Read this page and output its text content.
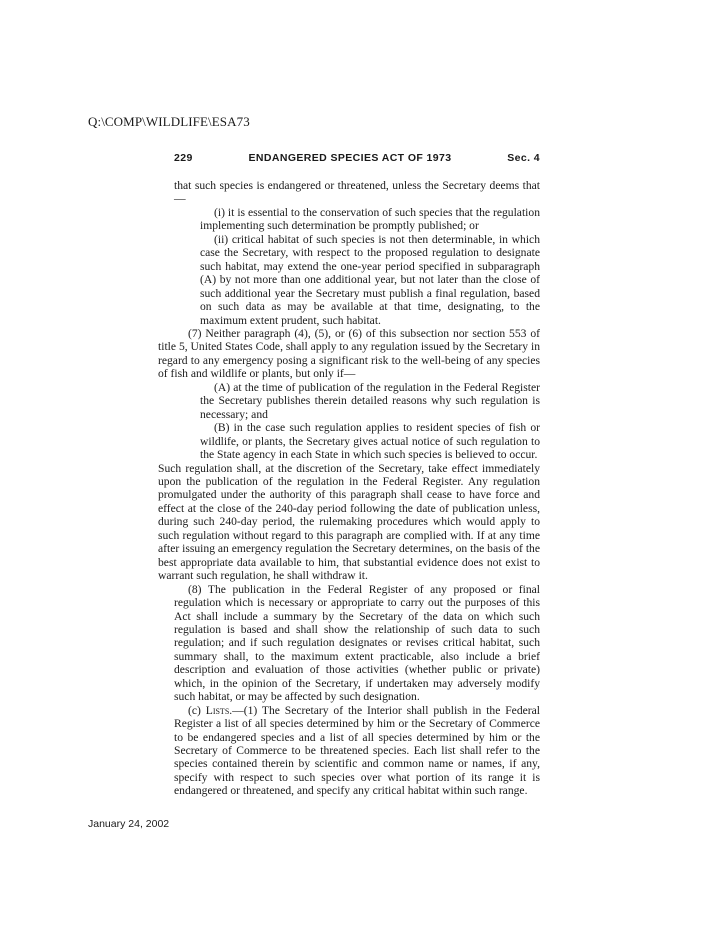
Q:\COMP\WILDLIFE\ESA73
229	ENDANGERED SPECIES ACT OF 1973	Sec. 4

that such species is endangered or threatened, unless the Secretary deems that—

(i) it is essential to the conservation of such species that the regulation implementing such determination be promptly published; or

(ii) critical habitat of such species is not then determinable, in which case the Secretary, with respect to the proposed regulation to designate such habitat, may extend the one-year period specified in subparagraph (A) by not more than one additional year, but not later than the close of such additional year the Secretary must publish a final regulation, based on such data as may be available at that time, designating, to the maximum extent prudent, such habitat.

(7) Neither paragraph (4), (5), or (6) of this subsection nor section 553 of title 5, United States Code, shall apply to any regulation issued by the Secretary in regard to any emergency posing a significant risk to the well-being of any species of fish and wildlife or plants, but only if—

(A) at the time of publication of the regulation in the Federal Register the Secretary publishes therein detailed reasons why such regulation is necessary; and

(B) in the case such regulation applies to resident species of fish or wildlife, or plants, the Secretary gives actual notice of such regulation to the State agency in each State in which such species is believed to occur.

Such regulation shall, at the discretion of the Secretary, take effect immediately upon the publication of the regulation in the Federal Register. Any regulation promulgated under the authority of this paragraph shall cease to have force and effect at the close of the 240-day period following the date of publication unless, during such 240-day period, the rulemaking procedures which would apply to such regulation without regard to this paragraph are complied with. If at any time after issuing an emergency regulation the Secretary determines, on the basis of the best appropriate data available to him, that substantial evidence does not exist to warrant such regulation, he shall withdraw it.

(8) The publication in the Federal Register of any proposed or final regulation which is necessary or appropriate to carry out the purposes of this Act shall include a summary by the Secretary of the data on which such regulation is based and shall show the relationship of such data to such regulation; and if such regulation designates or revises critical habitat, such summary shall, to the maximum extent practicable, also include a brief description and evaluation of those activities (whether public or private) which, in the opinion of the Secretary, if undertaken may adversely modify such habitat, or may be affected by such designation.

(c) Lists.—(1) The Secretary of the Interior shall publish in the Federal Register a list of all species determined by him or the Secretary of Commerce to be endangered species and a list of all species determined by him or the Secretary of Commerce to be threatened species. Each list shall refer to the species contained therein by scientific and common name or names, if any, specify with respect to such species over what portion of its range it is endangered or threatened, and specify any critical habitat within such range.

January 24, 2002
